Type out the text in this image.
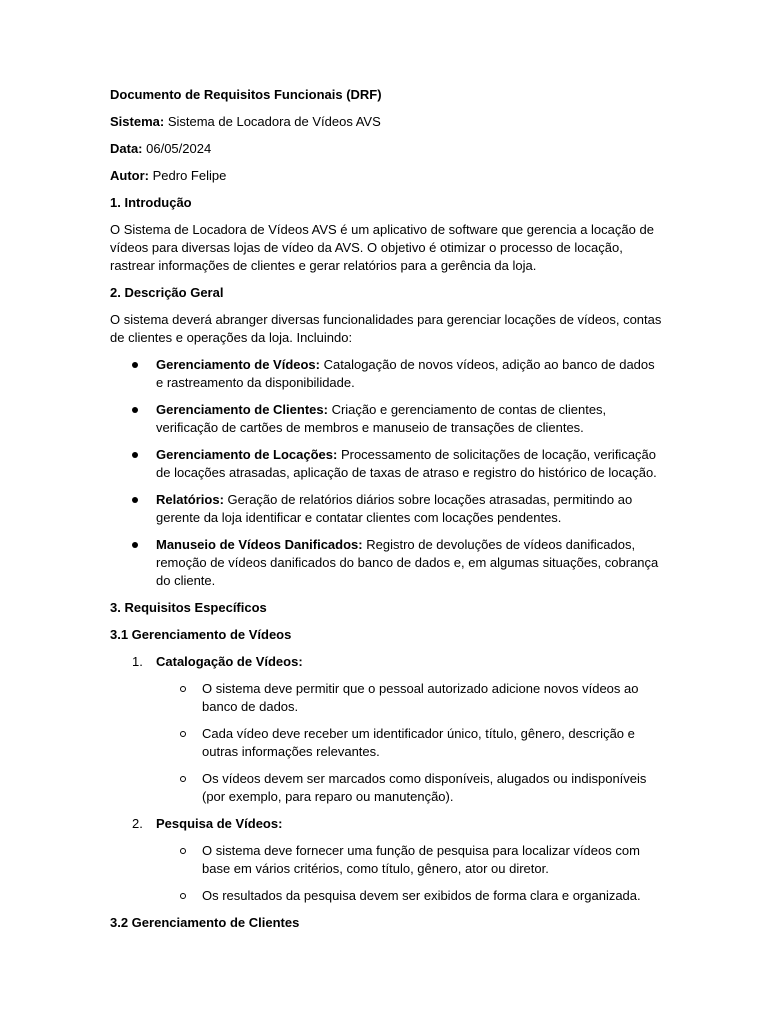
Documento de Requisitos Funcionais (DRF)

Sistema: Sistema de Locadora de Vídeos AVS

Data: 06/05/2024

Autor: Pedro Felipe

1. Introdução

O Sistema de Locadora de Vídeos AVS é um aplicativo de software que gerencia a locação de vídeos para diversas lojas de vídeo da AVS. O objetivo é otimizar o processo de locação, rastrear informações de clientes e gerar relatórios para a gerência da loja.

2. Descrição Geral

O sistema deverá abranger diversas funcionalidades para gerenciar locações de vídeos, contas de clientes e operações da loja. Incluindo:

Gerenciamento de Vídeos: Catalogação de novos vídeos, adição ao banco de dados e rastreamento da disponibilidade.
Gerenciamento de Clientes: Criação e gerenciamento de contas de clientes, verificação de cartões de membros e manuseio de transações de clientes.
Gerenciamento de Locações: Processamento de solicitações de locação, verificação de locações atrasadas, aplicação de taxas de atraso e registro do histórico de locação.
Relatórios: Geração de relatórios diários sobre locações atrasadas, permitindo ao gerente da loja identificar e contatar clientes com locações pendentes.
Manuseio de Vídeos Danificados: Registro de devoluções de vídeos danificados, remoção de vídeos danificados do banco de dados e, em algumas situações, cobrança do cliente.

3. Requisitos Específicos

3.1 Gerenciamento de Vídeos

1. Catalogação de Vídeos:
O sistema deve permitir que o pessoal autorizado adicione novos vídeos ao banco de dados.
Cada vídeo deve receber um identificador único, título, gênero, descrição e outras informações relevantes.
Os vídeos devem ser marcados como disponíveis, alugados ou indisponíveis (por exemplo, para reparo ou manutenção).
2. Pesquisa de Vídeos:
O sistema deve fornecer uma função de pesquisa para localizar vídeos com base em vários critérios, como título, gênero, ator ou diretor.
Os resultados da pesquisa devem ser exibidos de forma clara e organizada.

3.2 Gerenciamento de Clientes
